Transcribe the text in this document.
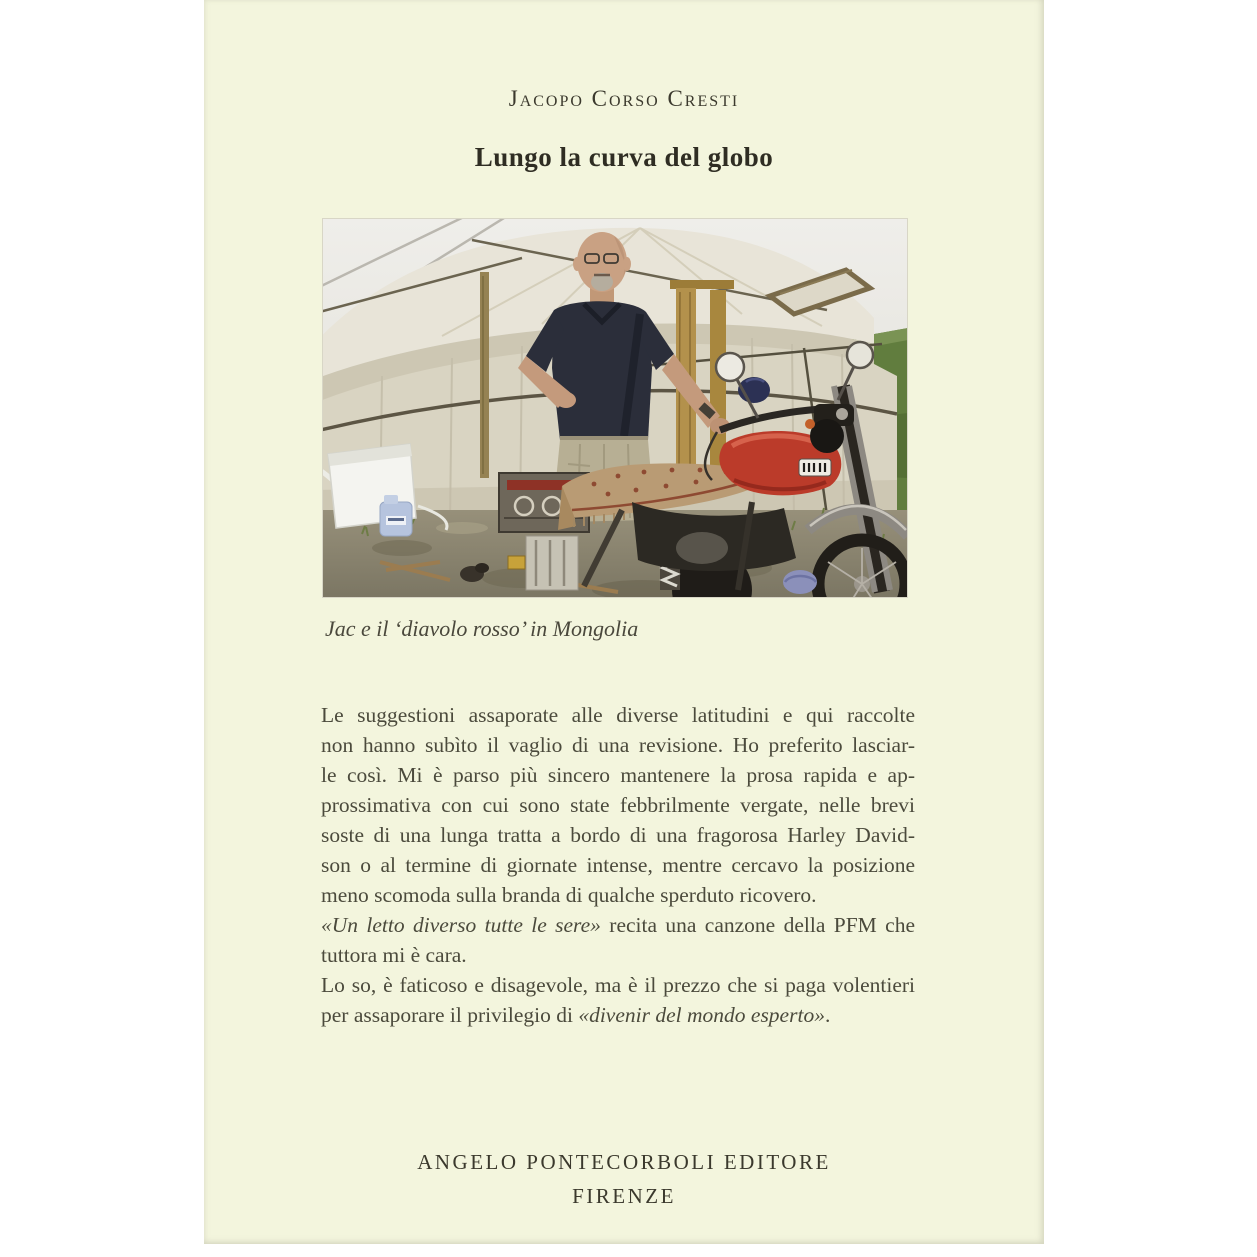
Jacopo Corso Cresti
Lungo la curva del globo
Jac e il ‘diavolo rosso’ in Mongolia
Le suggestioni assaporate alle diverse latitudini e qui raccolte
non hanno subìto il vaglio di una revisione. Ho preferito lasciar-
le così. Mi è parso più sincero mantenere la prosa rapida e ap-
prossimativa con cui sono state febbrilmente vergate, nelle brevi
soste di una lunga tratta a bordo di una fragorosa Harley David-
son o al termine di giornate intense, mentre cercavo la posizione
meno scomoda sulla branda di qualche sperduto ricovero.
«Un letto diverso tutte le sere» recita una canzone della PFM che
tuttora mi è cara.
Lo so, è faticoso e disagevole, ma è il prezzo che si paga volentieri
per assaporare il privilegio di «divenir del mondo esperto».
ANGELO PONTECORBOLI EDITORE
FIRENZE
